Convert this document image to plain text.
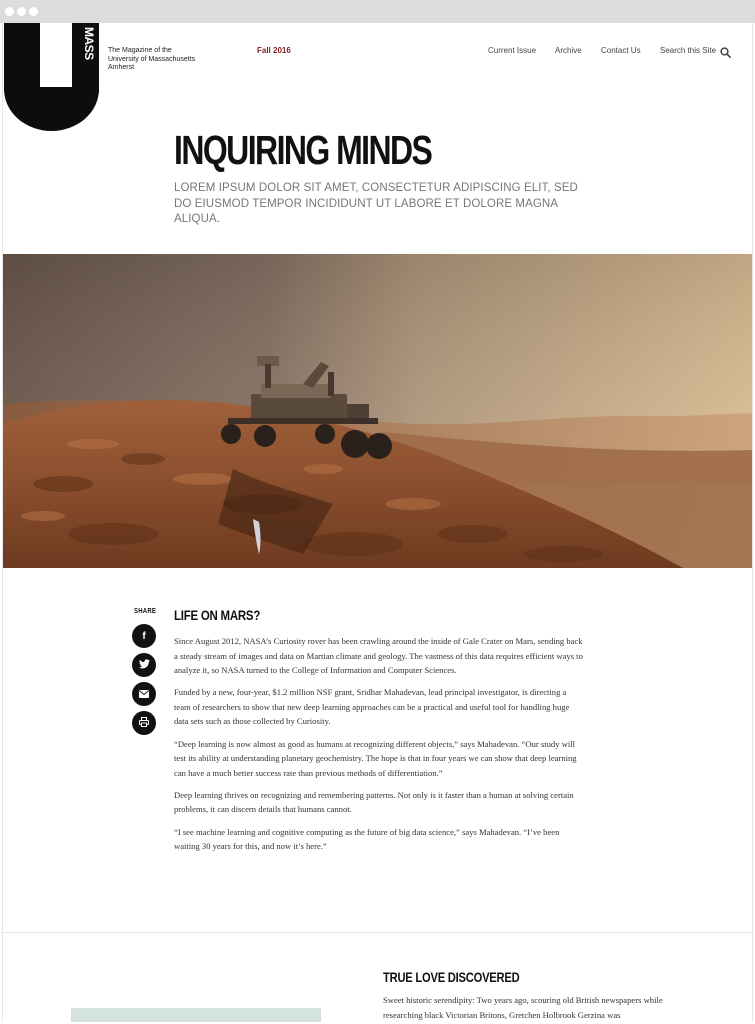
MASS	The Magazine of the
University of Massachusetts
Amherst
Fall 2016	Current Issue Archive Contact Us Search this Site
INQUIRING MINDS

LOREM IPSUM DOLOR SIT AMET, CONSECTETUR ADIPISCING ELIT, SED DO EIUSMOD TEMPOR INCIDIDUNT UT LABORE ET DOLORE MAGNA ALIQUA.

SHARE
f
LIFE ON MARS?

Since August 2012, NASA’s Curiosity rover has been crawling around the inside of Gale Crater on Mars, sending back a steady stream of images and data on Martian climate and geology. The vastness of this data requires efficient ways to analyze it, so NASA turned to the College of Information and Computer Sciences.

Funded by a new, four-year, $1.2 million NSF grant, Sridhar Mahadevan, lead principal investigator, is directing a team of researchers to show that new deep learning approaches can be a practical and useful tool for handling huge data sets such as those collected by Curiosity.

“Deep learning is now almost as good as humans at recognizing different objects,” says Mahadevan. “Our study will test its ability at understanding planetary geochemistry. The hope is that in four years we can show that deep learning can have a much better success rate than previous methods of differentiation.”

Deep learning thrives on recognizing and remembering patterns. Not only is it faster than a human at solving certain problems, it can discern details that humans cannot.

“I see machine learning and cognitive computing as the future of big data science,” says Mahadevan. “I’ve been waiting 30 years for this, and now it’s here.”

TRUE LOVE DISCOVERED

Sweet historic serendipity: Two years ago, scouring old British newspapers while researching black Victorian Britons, Gretchen Holbrook Gerzina was
